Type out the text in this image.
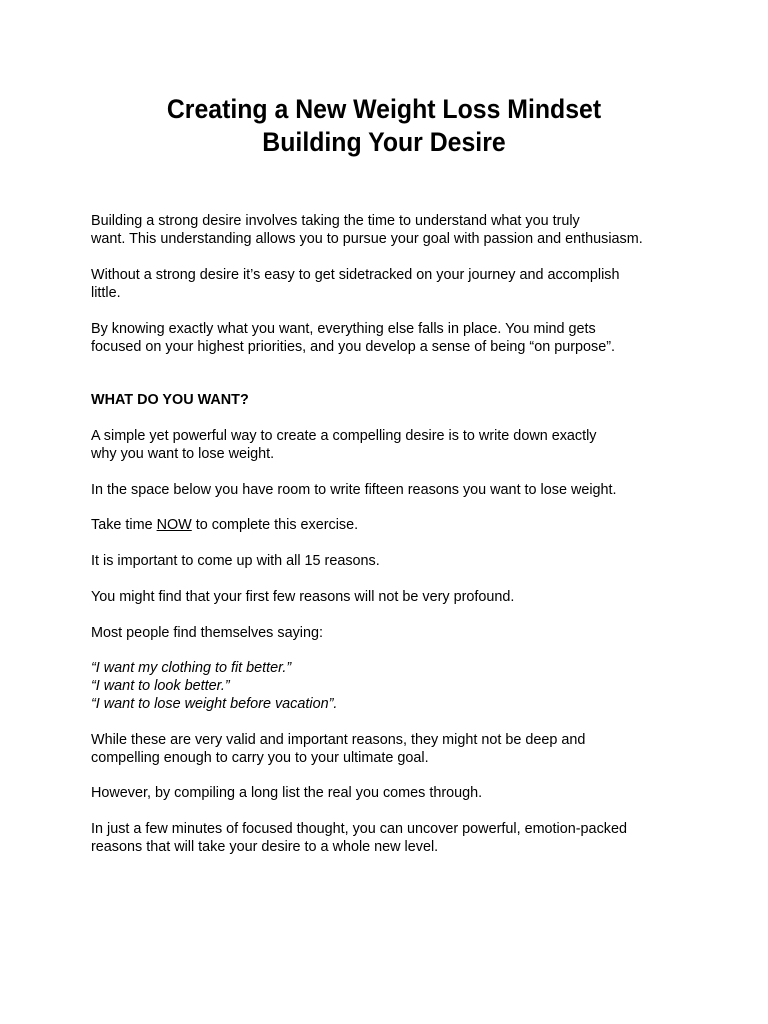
Creating a New Weight Loss Mindset
Building Your Desire

Building a strong desire involves taking the time to understand what you truly

want. This understanding allows you to pursue your goal with passion and enthusiasm.

Without a strong desire it’s easy to get sidetracked on your journey and accomplish

little.

By knowing exactly what you want, everything else falls in place. You mind gets

focused on your highest priorities, and you develop a sense of being “on purpose”.

WHAT DO YOU WANT?

A simple yet powerful way to create a compelling desire is to write down exactly

why you want to lose weight.

In the space below you have room to write fifteen reasons you want to lose weight.

Take time NOW to complete this exercise.

It is important to come up with all 15 reasons.

You might find that your first few reasons will not be very profound.

Most people find themselves saying:

“I want my clothing to fit better.”

“I want to look better.”

“I want to lose weight before vacation”.

While these are very valid and important reasons, they might not be deep and

compelling enough to carry you to your ultimate goal.

However, by compiling a long list the real you comes through.

In just a few minutes of focused thought, you can uncover powerful, emotion-packed

reasons that will take your desire to a whole new level.
